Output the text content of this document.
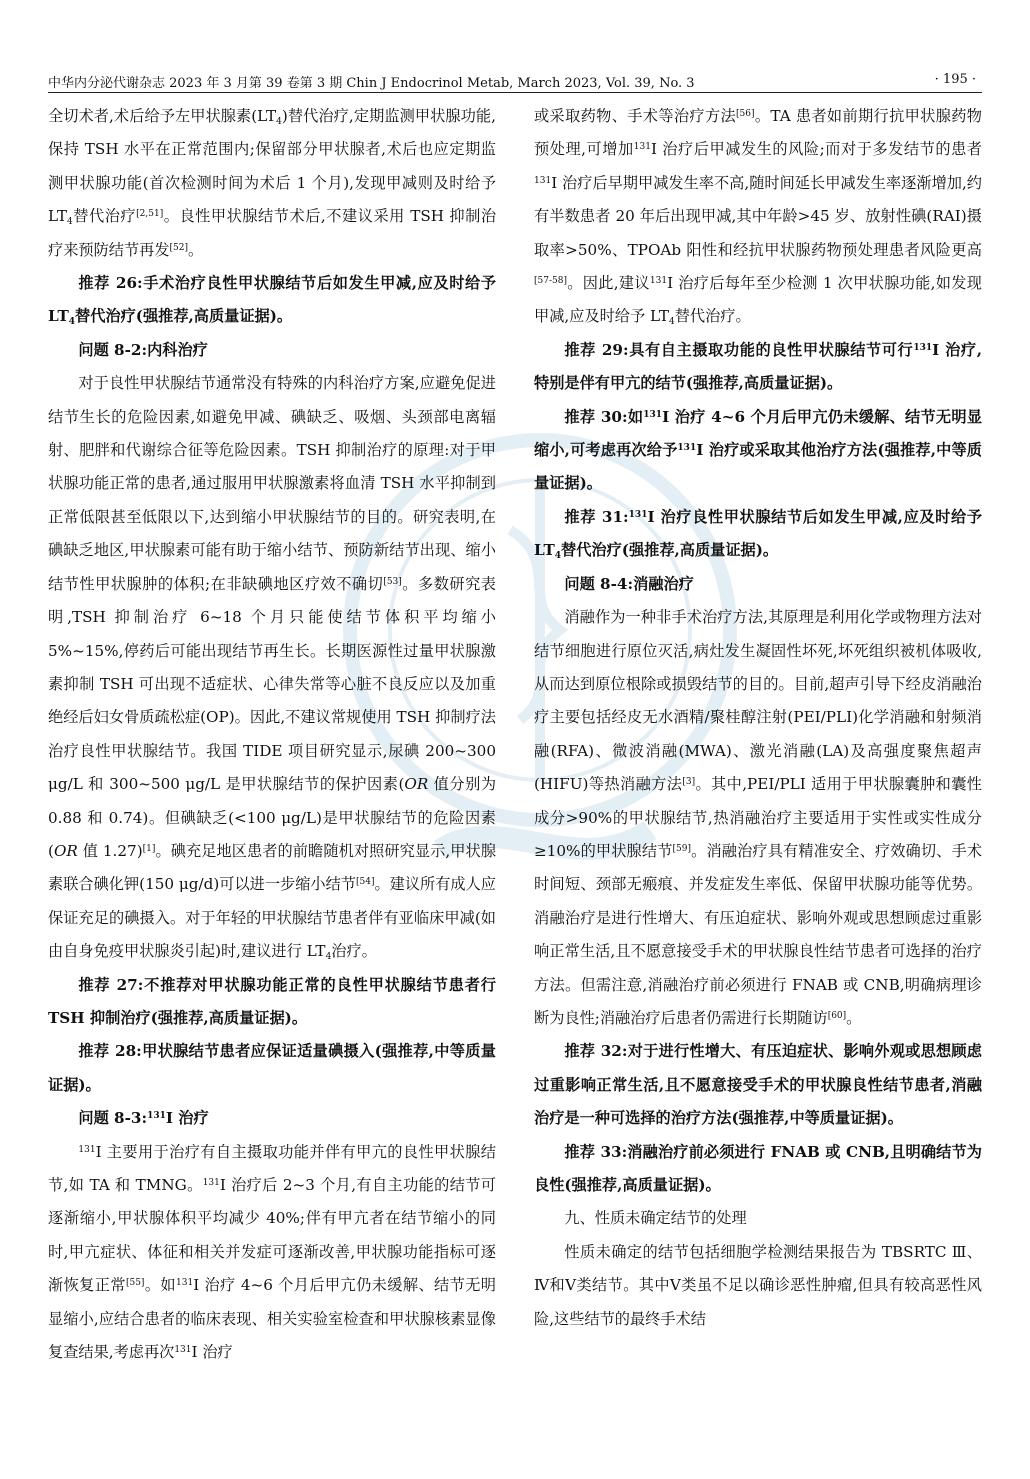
中华内分泌代谢杂志 2023 年 3 月第 39 卷第 3 期 Chin J Endocrinol Metab, March 2023, Vol. 39, No. 3	· 195 ·

全切术者,术后给予左甲状腺素$(LT_4)$替代治疗,定期监测甲状腺功能,保持 TSH 水平在正常范围内;保留部分甲状腺者,术后也应定期监测甲状腺功能(首次检测时间为术后 1 个月),发现甲减则及时给予 $LT_4$替代治疗[2,51]。良性甲状腺结节术后,不建议采用 TSH 抑制治疗来预防结节再发[52]。

推荐 26:手术治疗良性甲状腺结节后如发生甲减,应及时给予 $LT_4$替代治疗(强推荐,高质量证据)。

问题 8-2:内科治疗

对于良性甲状腺结节通常没有特殊的内科治疗方案,应避免促进结节生长的危险因素,如避免甲减、碘缺乏、吸烟、头颈部电离辐射、肥胖和代谢综合征等危险因素。TSH 抑制治疗的原理:对于甲状腺功能正常的患者,通过服用甲状腺激素将血清 TSH 水平抑制到正常低限甚至低限以下,达到缩小甲状腺结节的目的。研究表明,在碘缺乏地区,甲状腺素可能有助于缩小结节、预防新结节出现、缩小结节性甲状腺肿的体积;在非缺碘地区疗效不确切[53]。多数研究表明,TSH 抑制治疗 6~18 个月只能使结节体积平均缩小 5%~15%,停药后可能出现结节再生长。长期医源性过量甲状腺激素抑制 TSH 可出现不适症状、心律失常等心脏不良反应以及加重绝经后妇女骨质疏松症(OP)。因此,不建议常规使用 TSH 抑制疗法治疗良性甲状腺结节。我国 TIDE 项目研究显示,尿碘 200~300 μg/L 和 300~500 μg/L 是甲状腺结节的保护因素(OR 值分别为 0.88 和 0.74)。但碘缺乏(<100 μg/L)是甲状腺结节的危险因素(OR 值 1.27)[1]。碘充足地区患者的前瞻随机对照研究显示,甲状腺素联合碘化钾(150 μg/d)可以进一步缩小结节[54]。建议所有成人应保证充足的碘摄入。对于年轻的甲状腺结节患者伴有亚临床甲减(如由自身免疫甲状腺炎引起)时,建议进行 $LT_4$治疗。

推荐 27:不推荐对甲状腺功能正常的良性甲状腺结节患者行 TSH 抑制治疗(强推荐,高质量证据)。

推荐 28:甲状腺结节患者应保证适量碘摄入(强推荐,中等质量证据)。

问题 8-3:$^{131}$I 治疗

$^{131}$I 主要用于治疗有自主摄取功能并伴有甲亢的良性甲状腺结节,如 TA 和 TMNG。$^{131}$I 治疗后 2~3 个月,有自主功能的结节可逐渐缩小,甲状腺体积平均减少 40%;伴有甲亢者在结节缩小的同时,甲亢症状、体征和相关并发症可逐渐改善,甲状腺功能指标可逐渐恢复正常[55]。如$^{131}$I 治疗 4~6 个月后甲亢仍未缓解、结节无明显缩小,应结合患者的临床表现、相关实验室检查和甲状腺核素显像复查结果,考虑再次$^{131}$I 治疗

或采取药物、手术等治疗方法[56]。TA 患者如前期行抗甲状腺药物预处理,可增加$^{131}$I 治疗后甲减发生的风险;而对于多发结节的患者$^{131}$I 治疗后早期甲减发生率不高,随时间延长甲减发生率逐渐增加,约有半数患者 20 年后出现甲减,其中年龄>45 岁、放射性碘(RAI)摄取率>50%、TPOAb 阳性和经抗甲状腺药物预处理患者风险更高[57-58]。因此,建议$^{131}$I 治疗后每年至少检测 1 次甲状腺功能,如发现甲减,应及时给予 $LT_4$替代治疗。

推荐 29:具有自主摄取功能的良性甲状腺结节可行$^{131}$I 治疗,特别是伴有甲亢的结节(强推荐,高质量证据)。

推荐 30:如$^{131}$I 治疗 4~6 个月后甲亢仍未缓解、结节无明显缩小,可考虑再次给予$^{131}$I 治疗或采取其他治疗方法(强推荐,中等质量证据)。

推荐 31:$^{131}$I 治疗良性甲状腺结节后如发生甲减,应及时给予 $LT_4$替代治疗(强推荐,高质量证据)。

问题 8-4:消融治疗

消融作为一种非手术治疗方法,其原理是利用化学或物理方法对结节细胞进行原位灭活,病灶发生凝固性坏死,坏死组织被机体吸收,从而达到原位根除或损毁结节的目的。目前,超声引导下经皮消融治疗主要包括经皮无水酒精/聚桂醇注射(PEI/PLI)化学消融和射频消融(RFA)、微波消融(MWA)、激光消融(LA)及高强度聚焦超声(HIFU)等热消融方法[3]。其中,PEI/PLI 适用于甲状腺囊肿和囊性成分>90%的甲状腺结节,热消融治疗主要适用于实性或实性成分≥10%的甲状腺结节[59]。消融治疗具有精准安全、疗效确切、手术时间短、颈部无瘢痕、并发症发生率低、保留甲状腺功能等优势。消融治疗是进行性增大、有压迫症状、影响外观或思想顾虑过重影响正常生活,且不愿意接受手术的甲状腺良性结节患者可选择的治疗方法。但需注意,消融治疗前必须进行 FNAB 或 CNB,明确病理诊断为良性;消融治疗后患者仍需进行长期随访[60]。

推荐 32:对于进行性增大、有压迫症状、影响外观或思想顾虑过重影响正常生活,且不愿意接受手术的甲状腺良性结节患者,消融治疗是一种可选择的治疗方法(强推荐,中等质量证据)。

推荐 33:消融治疗前必须进行 FNAB 或 CNB,且明确结节为良性(强推荐,高质量证据)。

九、性质未确定结节的处理

性质未确定的结节包括细胞学检测结果报告为 TBSRTC Ⅲ、Ⅳ和Ⅴ类结节。其中Ⅴ类虽不足以确诊恶性肿瘤,但具有较高恶性风险,这些结节的最终手术结
